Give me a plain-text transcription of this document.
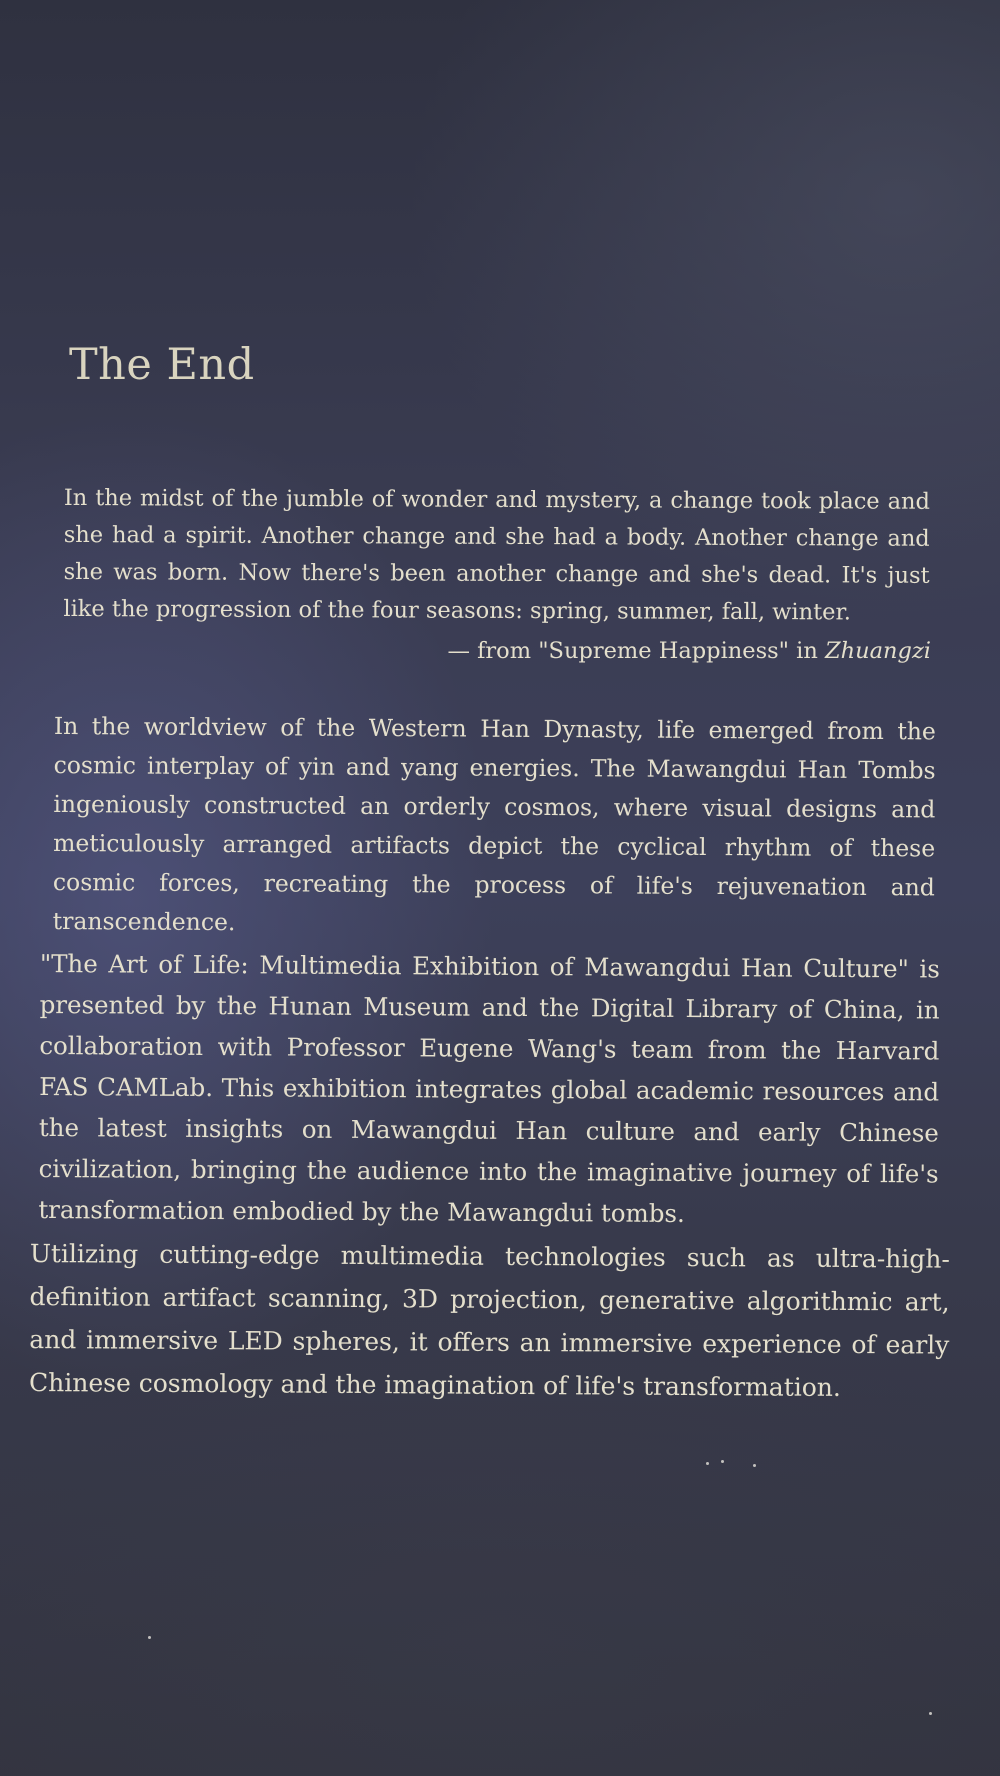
The End

In the midst of the jumble of wonder and mystery, a change took place and she had a spirit. Another change and she had a body. Another change and she was born. Now there's been another change and she's dead. It's just like the progression of the four seasons: spring, summer, fall, winter.

— from "Supreme Happiness" in Zhuangzi

In the worldview of the Western Han Dynasty, life emerged from the cosmic interplay of yin and yang energies. The Mawangdui Han Tombs ingeniously constructed an orderly cosmos, where visual designs and meticulously arranged artifacts depict the cyclical rhythm of these cosmic forces, recreating the process of life's rejuvenation and transcendence.

"The Art of Life: Multimedia Exhibition of Mawangdui Han Culture" is presented by the Hunan Museum and the Digital Library of China, in collaboration with Professor Eugene Wang's team from the Harvard FAS CAMLab. This exhibition integrates global academic resources and the latest insights on Mawangdui Han culture and early Chinese civilization, bringing the audience into the imaginative journey of life's transformation embodied by the Mawangdui tombs.

Utilizing cutting-edge multimedia technologies such as ultra-high-definition artifact scanning, 3D projection, generative algorithmic art, and immersive LED spheres, it offers an immersive experience of early Chinese cosmology and the imagination of life's transformation.
